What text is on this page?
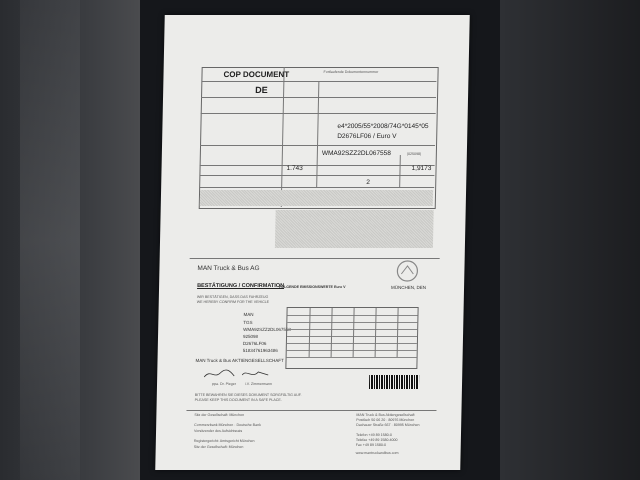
COP DOCUMENT	Fortlaufende Dokumentennummer
DE
e4*2005/55*2008/74G*0145*05
D2676LF06 / Euro V
WMA92SZZ2DL067558	(025098)
1.743	1,9173
2
MAN Truck & Bus AG
BESTÄTIGUNG / CONFIRMATION	MÜNCHEN, DEN
FOLGENDE EMISSIONSWERTE Euro V
WIR BESTÄTIGEN, DASS DAS FAHRZEUG
WE HEREBY CONFIRM FOR THE VEHICLE
MAN
TGS
WMA92SZZ2DL067558
925098
D2676LF06
51834761963486
MAN Truck & Bus AKTIENGESELLSCHAFT
ppa. Dr. Pieger i.V. Zimmermann
BITTE BEWAHREN SIE DIESES DOKUMENT SORGFÄLTIG AUF.
PLEASE KEEP THIS DOCUMENT IN A SAFE PLACE.
Sitz der Gesellschaft: München
Commerzbank München · Deutsche Bank
Vorsitzender des Aufsichtsrats
Registergericht: Amtsgericht München
Sitz der Gesellschaft: München
MAN Truck & Bus Aktiengesellschaft
Postfach 50 06 20 · 80976 München
Dachauer Straße 667 · 80995 München
Telefon +49 89 1580-0
Telefax +49 89 1580-4000
Fax +49 89 1580-0
www.mantruckandbus.com
